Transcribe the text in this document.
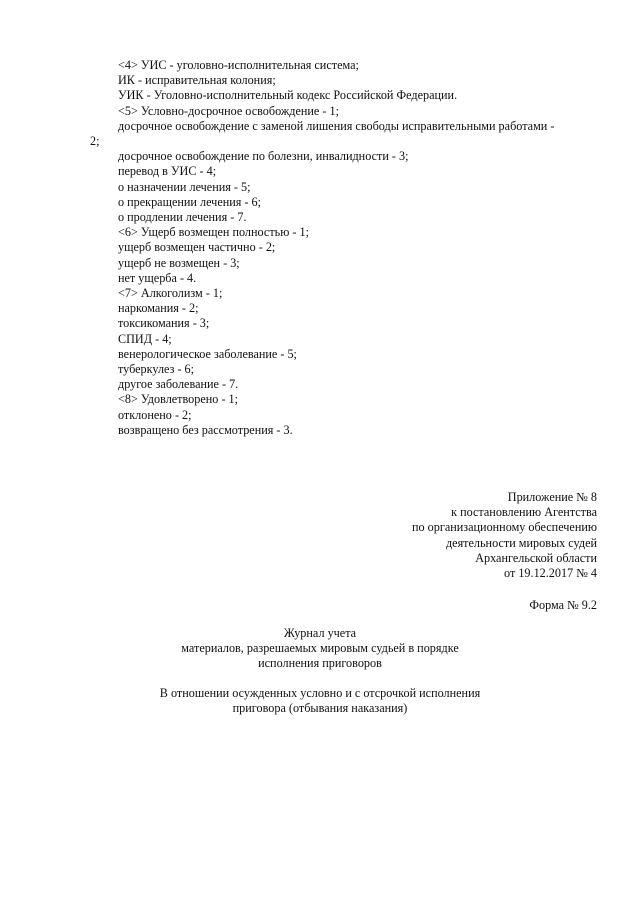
<4> УИС - уголовно-исполнительная система;
ИК - исправительная колония;
УИК - Уголовно-исполнительный кодекс Российской Федерации.
<5> Условно-досрочное освобождение - 1;
досрочное освобождение с заменой лишения свободы исправительными работами -
2;
досрочное освобождение по болезни, инвалидности - 3;
перевод в УИС - 4;
о назначении лечения - 5;
о прекращении лечения - 6;
о продлении лечения - 7.
<6> Ущерб возмещен полностью - 1;
ущерб возмещен частично - 2;
ущерб не возмещен - 3;
нет ущерба - 4.
<7> Алкоголизм - 1;
наркомания - 2;
токсикомания - 3;
СПИД - 4;
венерологическое заболевание - 5;
туберкулез - 6;
другое заболевание - 7.
<8> Удовлетворено - 1;
отклонено - 2;
возвращено без рассмотрения - 3.
Приложение № 8
к постановлению Агентства
по организационному обеспечению
деятельности мировых судей
Архангельской области
от 19.12.2017 № 4
Форма № 9.2
Журнал учета
материалов, разрешаемых мировым судьей в порядке
исполнения приговоров
В отношении осужденных условно и с отсрочкой исполнения
приговора (отбывания наказания)
